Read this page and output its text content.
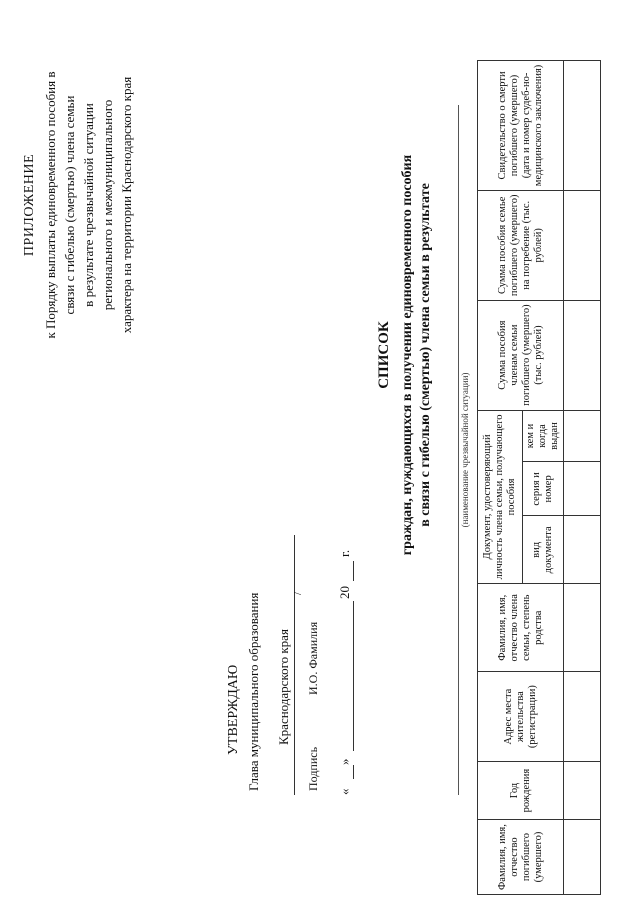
ПРИЛОЖЕНИЕ к Порядку выплаты единовременного пособия в связи с гибелью (смертью) члена семьи в результате чрезвычайной ситуации регионального и межмуниципального характера на территории Краснодарского края
УТВЕРЖДАЮ Глава муниципального образования Краснодарского края
/
Подпись
И.О. Фамилия
«
»
20
г.
СПИСОК граждан, нуждающихся в получении единовременного пособия в связи с гибелью (смертью) члена семьи в результате	(наименование чрезвычайной ситуации)
Фамилия, имя, отчество погибшего (умершего)	Год рождения	Адрес места жительства (регистрации)	Фамилия, имя, отчество члена семьи, степень родства	Документ, удостоверяющий личность члена семьи, получающего пособия			Сумма пособия членам семьи погибшего (умершего) (тыс. рублей)	Сумма пособия семье погибшего (умершего) на погребение (тыс. рублей)	Свидетельство о смерти погибшего (умершего) (дата и номер судеб-но-медицинского заключения)
				вид документа	серия и номер	кем и когда выдан			
